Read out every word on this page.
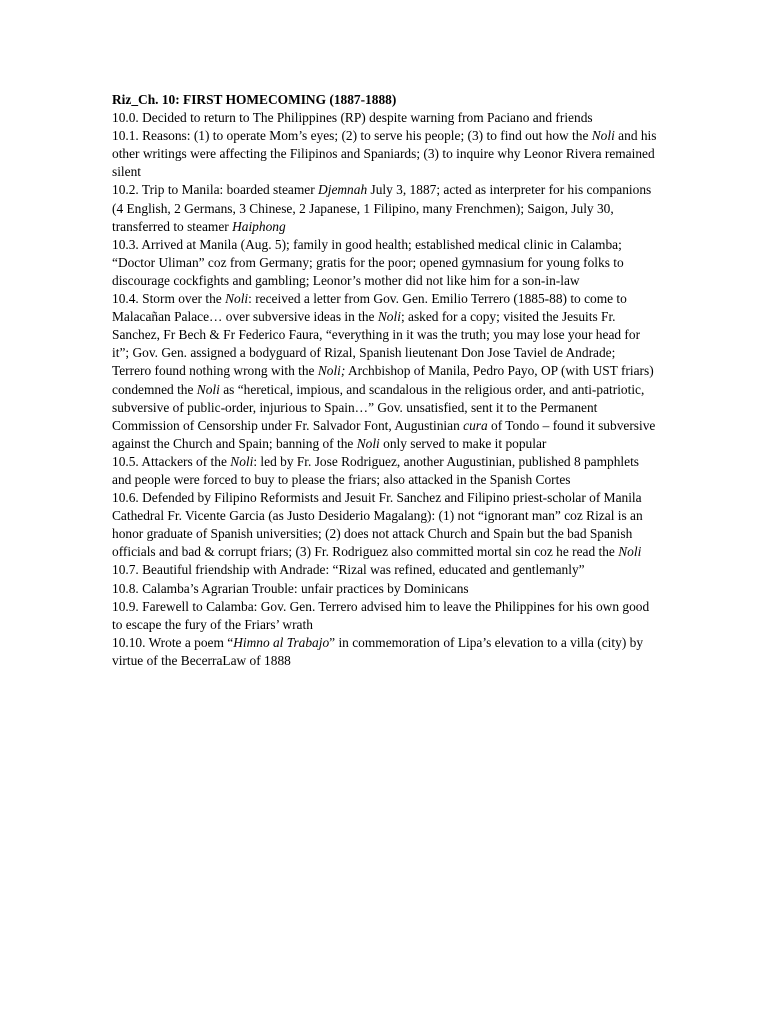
Riz_Ch. 10: FIRST HOMECOMING (1887-1888)
10.0. Decided to return to The Philippines (RP) despite warning from Paciano and friends
10.1. Reasons: (1) to operate Mom’s eyes; (2) to serve his people; (3) to find out how the Noli and his other writings were affecting the Filipinos and Spaniards; (3) to inquire why Leonor Rivera remained silent
10.2. Trip to Manila: boarded steamer Djemnah July 3, 1887; acted as interpreter for his companions (4 English, 2 Germans, 3 Chinese, 2 Japanese, 1 Filipino, many Frenchmen); Saigon, July 30, transferred to steamer Haiphong
10.3. Arrived at Manila (Aug. 5); family in good health; established medical clinic in Calamba; “Doctor Uliman” coz from Germany; gratis for the poor; opened gymnasium for young folks to discourage cockfights and gambling; Leonor’s mother did not like him for a son-in-law
10.4. Storm over the Noli: received a letter from Gov. Gen. Emilio Terrero (1885-88) to come to Malacañan Palace… over subversive ideas in the Noli; asked for a copy; visited the Jesuits Fr. Sanchez, Fr Bech & Fr Federico Faura, “everything in it was the truth; you may lose your head for it”; Gov. Gen. assigned a bodyguard of Rizal, Spanish lieutenant Don Jose Taviel de Andrade; Terrero found nothing wrong with the Noli; Archbishop of Manila, Pedro Payo, OP (with UST friars) condemned the Noli as “heretical, impious, and scandalous in the religious order, and anti-patriotic, subversive of public-order, injurious to Spain…” Gov. unsatisfied, sent it to the Permanent Commission of Censorship under Fr. Salvador Font, Augustinian cura of Tondo – found it subversive against the Church and Spain; banning of the Noli only served to make it popular
10.5. Attackers of the Noli: led by Fr. Jose Rodriguez, another Augustinian, published 8 pamphlets and people were forced to buy to please the friars; also attacked in the Spanish Cortes
10.6. Defended by Filipino Reformists and Jesuit Fr. Sanchez and Filipino priest-scholar of Manila Cathedral Fr. Vicente Garcia (as Justo Desiderio Magalang): (1) not “ignorant man” coz Rizal is an honor graduate of Spanish universities; (2) does not attack Church and Spain but the bad Spanish officials and bad & corrupt friars; (3) Fr. Rodriguez also committed mortal sin coz he read the Noli
10.7. Beautiful friendship with Andrade: “Rizal was refined, educated and gentlemanly”
10.8. Calamba’s Agrarian Trouble: unfair practices by Dominicans
10.9. Farewell to Calamba: Gov. Gen. Terrero advised him to leave the Philippines for his own good to escape the fury of the Friars’ wrath
10.10. Wrote a poem “Himno al Trabajo” in commemoration of Lipa’s elevation to a villa (city) by virtue of the BecerraLaw of 1888
